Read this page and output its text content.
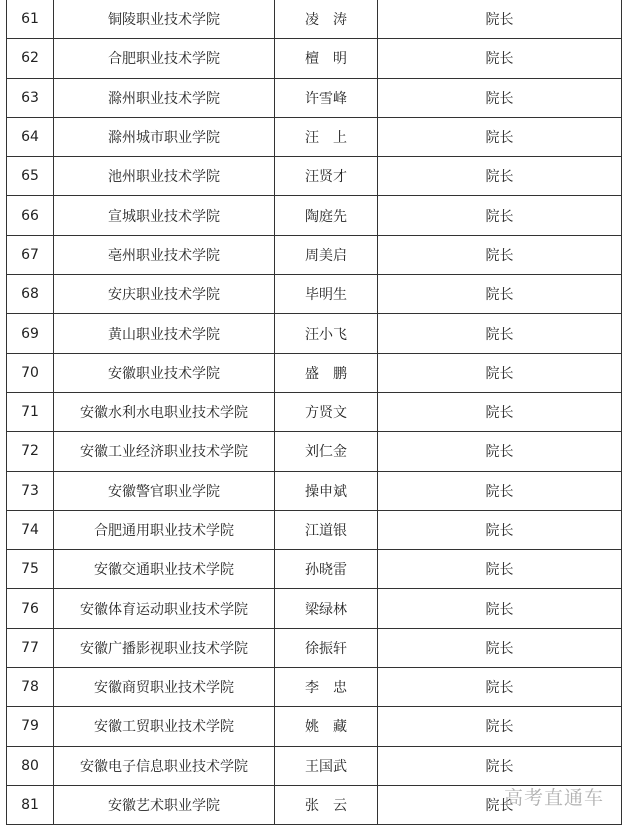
61	铜陵职业技术学院	凌　涛	院长
62	合肥职业技术学院	檀　明	院长
63	滁州职业技术学院	许雪峰	院长
64	滁州城市职业学院	汪　上	院长
65	池州职业技术学院	汪贤才	院长
66	宣城职业技术学院	陶庭先	院长
67	亳州职业技术学院	周美启	院长
68	安庆职业技术学院	毕明生	院长
69	黄山职业技术学院	汪小飞	院长
70	安徽职业技术学院	盛　鹏	院长
71	安徽水利水电职业技术学院	方贤文	院长
72	安徽工业经济职业技术学院	刘仁金	院长
73	安徽警官职业学院	操申斌	院长
74	合肥通用职业技术学院	江道银	院长
75	安徽交通职业技术学院	孙晓雷	院长
76	安徽体育运动职业技术学院	梁绿林	院长
77	安徽广播影视职业技术学院	徐振轩	院长
78	安徽商贸职业技术学院	李　忠	院长
79	安徽工贸职业技术学院	姚　藏	院长
80	安徽电子信息职业技术学院	王国武	院长
81	安徽艺术职业学院	张　云	院长
高考直通车
